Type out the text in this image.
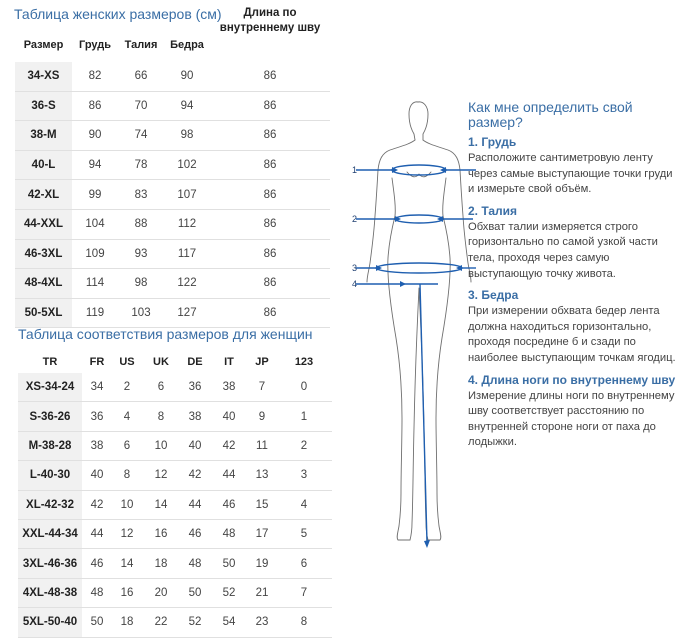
Таблица женских размеров (см)
Размер	Грудь	Талия	Бедра	Длина по внутреннему шву
34-XS	82	66	90	86
36-S	86	70	94	86
38-M	90	74	98	86
40-L	94	78	102	86
42-XL	99	83	107	86
44-XXL	104	88	112	86
46-3XL	109	93	117	86
48-4XL	114	98	122	86
50-5XL	119	103	127	86
Таблица соответствия размеров для женщин
TR	FR	US	UK	DE	IT	JP	123
XS-34-24	34	2	6	36	38	7	0
S-36-26	36	4	8	38	40	9	1
M-38-28	38	6	10	40	42	11	2
L-40-30	40	8	12	42	44	13	3
XL-42-32	42	10	14	44	46	15	4
XXL-44-34	44	12	16	46	48	17	5
3XL-46-36	46	14	18	48	50	19	6
4XL-48-38	48	16	20	50	52	21	7
5XL-50-40	50	18	22	52	54	23	8
1
2
3
4
Как мне определить свой размер?
1. Грудь

Расположите сантиметровую ленту через самые выступающие точки груди и измерьте свой объём.

2. Талия

Обхват талии измеряется строго горизонтально по самой узкой части тела, проходя через самую выступающую точку живота.

3. Бедра

При измерении обхвата бедер лента должна находиться горизонтально, проходя посредине б и сзади по наиболее выступающим точкам ягодиц.

4. Длина ноги по внутреннему шву

Измерение длины ноги по внутреннему шву соответствует расстоянию по внутренней стороне ноги от паха до лодыжки.
